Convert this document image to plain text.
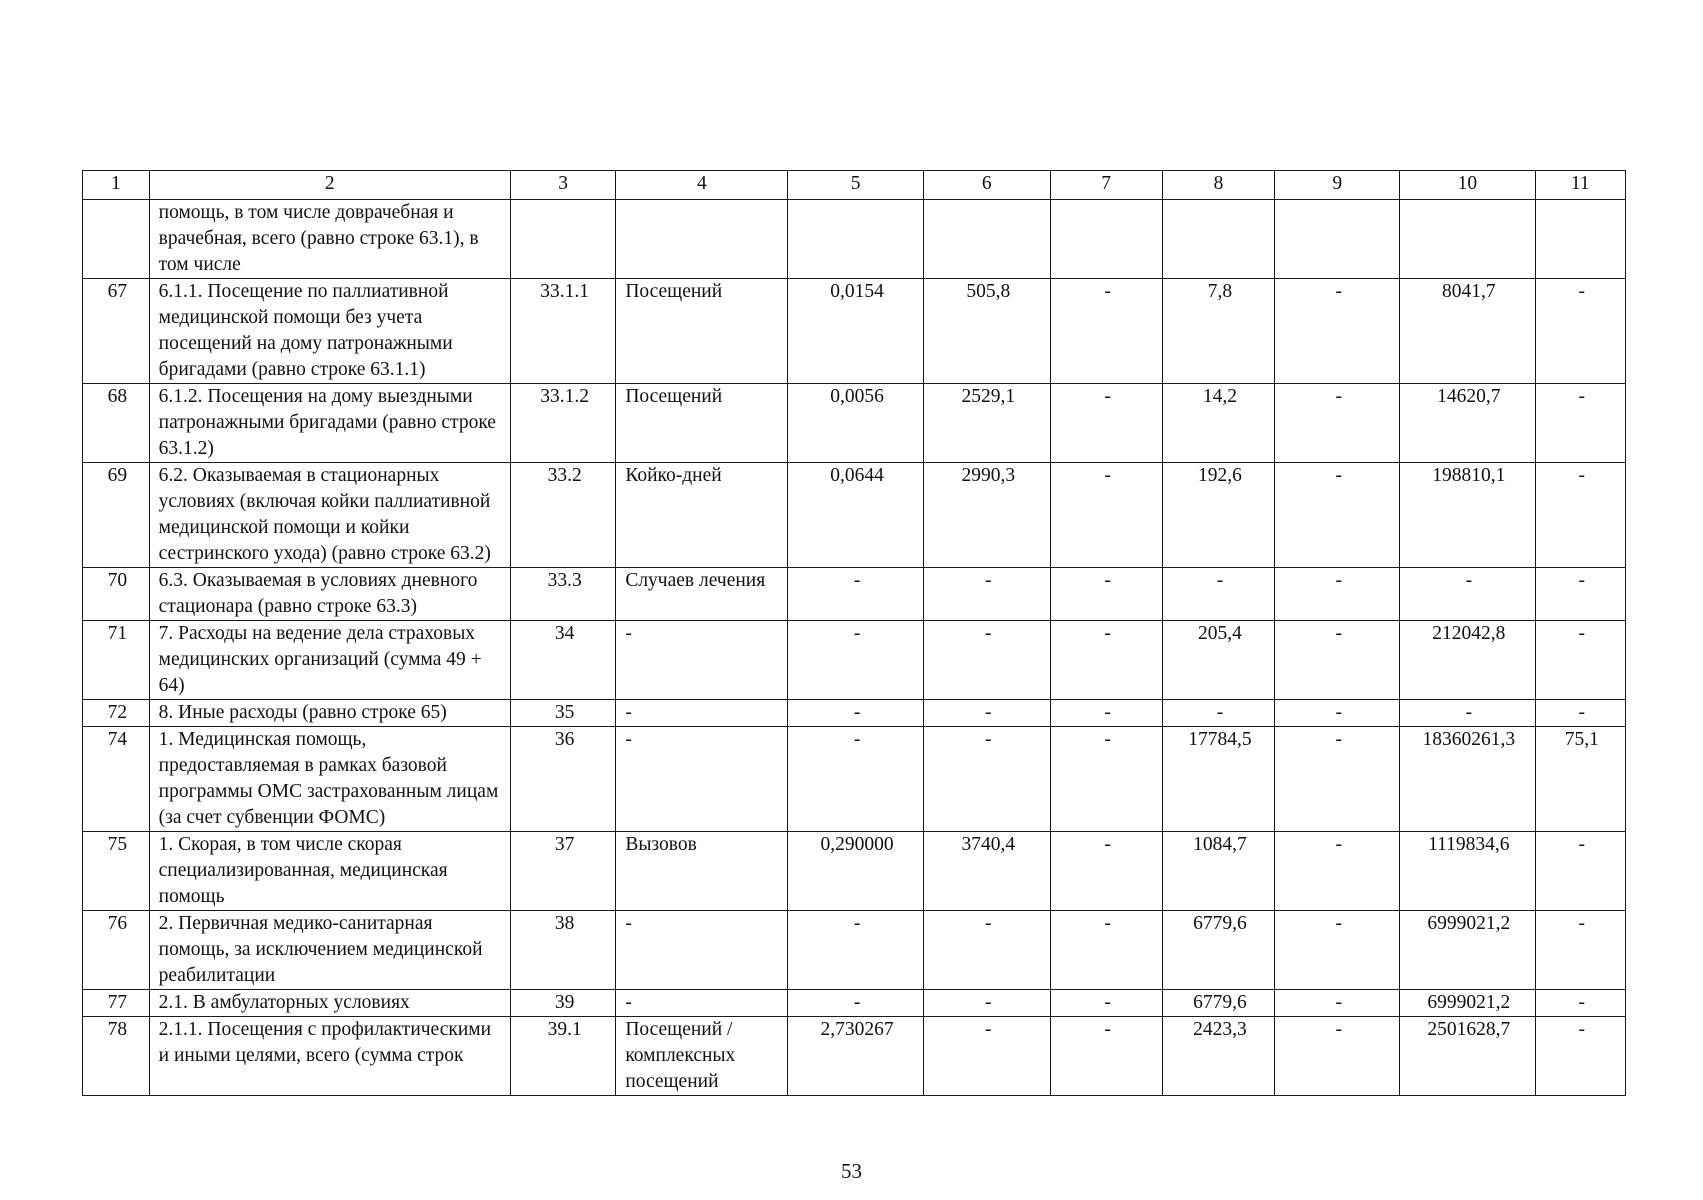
1	2	3	4	5	6	7	8	9	10	11
	помощь, в том числе доврачебная и врачебная, всего (равно строке 63.1), в том числе									
67	6.1.1. Посещение по паллиативной медицинской помощи без учета посещений на дому патронажными бригадами (равно строке 63.1.1)	33.1.1	Посещений	0,0154	505,8	-	7,8	-	8041,7	-
68	6.1.2. Посещения на дому выездными патронажными бригадами (равно строке 63.1.2)	33.1.2	Посещений	0,0056	2529,1	-	14,2	-	14620,7	-
69	6.2. Оказываемая в стационарных условиях (включая койки паллиативной медицинской помощи и койки сестринского ухода) (равно строке 63.2)	33.2	Койко-дней	0,0644	2990,3	-	192,6	-	198810,1	-
70	6.3. Оказываемая в условиях дневного стационара (равно строке 63.3)	33.3	Случаев лечения	-	-	-	-	-	-	-
71	7. Расходы на ведение дела страховых медицинских организаций (сумма 49 + 64)	34	-	-	-	-	205,4	-	212042,8	-
72	8. Иные расходы (равно строке 65)	35	-	-	-	-	-	-	-	-
74	1. Медицинская помощь, предоставляемая в рамках базовой программы ОМС застрахованным лицам (за счет субвенции ФОМС)	36	-	-	-	-	17784,5	-	18360261,3	75,1
75	1. Скорая, в том числе скорая специализированная, медицинская помощь	37	Вызовов	0,290000	3740,4	-	1084,7	-	1119834,6	-
76	2. Первичная медико-санитарная помощь, за исключением медицинской реабилитации	38	-	-	-	-	6779,6	-	6999021,2	-
77	2.1. В амбулаторных условиях	39	-	-	-	-	6779,6	-	6999021,2	-
78	2.1.1. Посещения с профилактическими и иными целями, всего (сумма строк	39.1	Посещений / комплексных посещений	2,730267	-	-	2423,3	-	2501628,7	-
53
